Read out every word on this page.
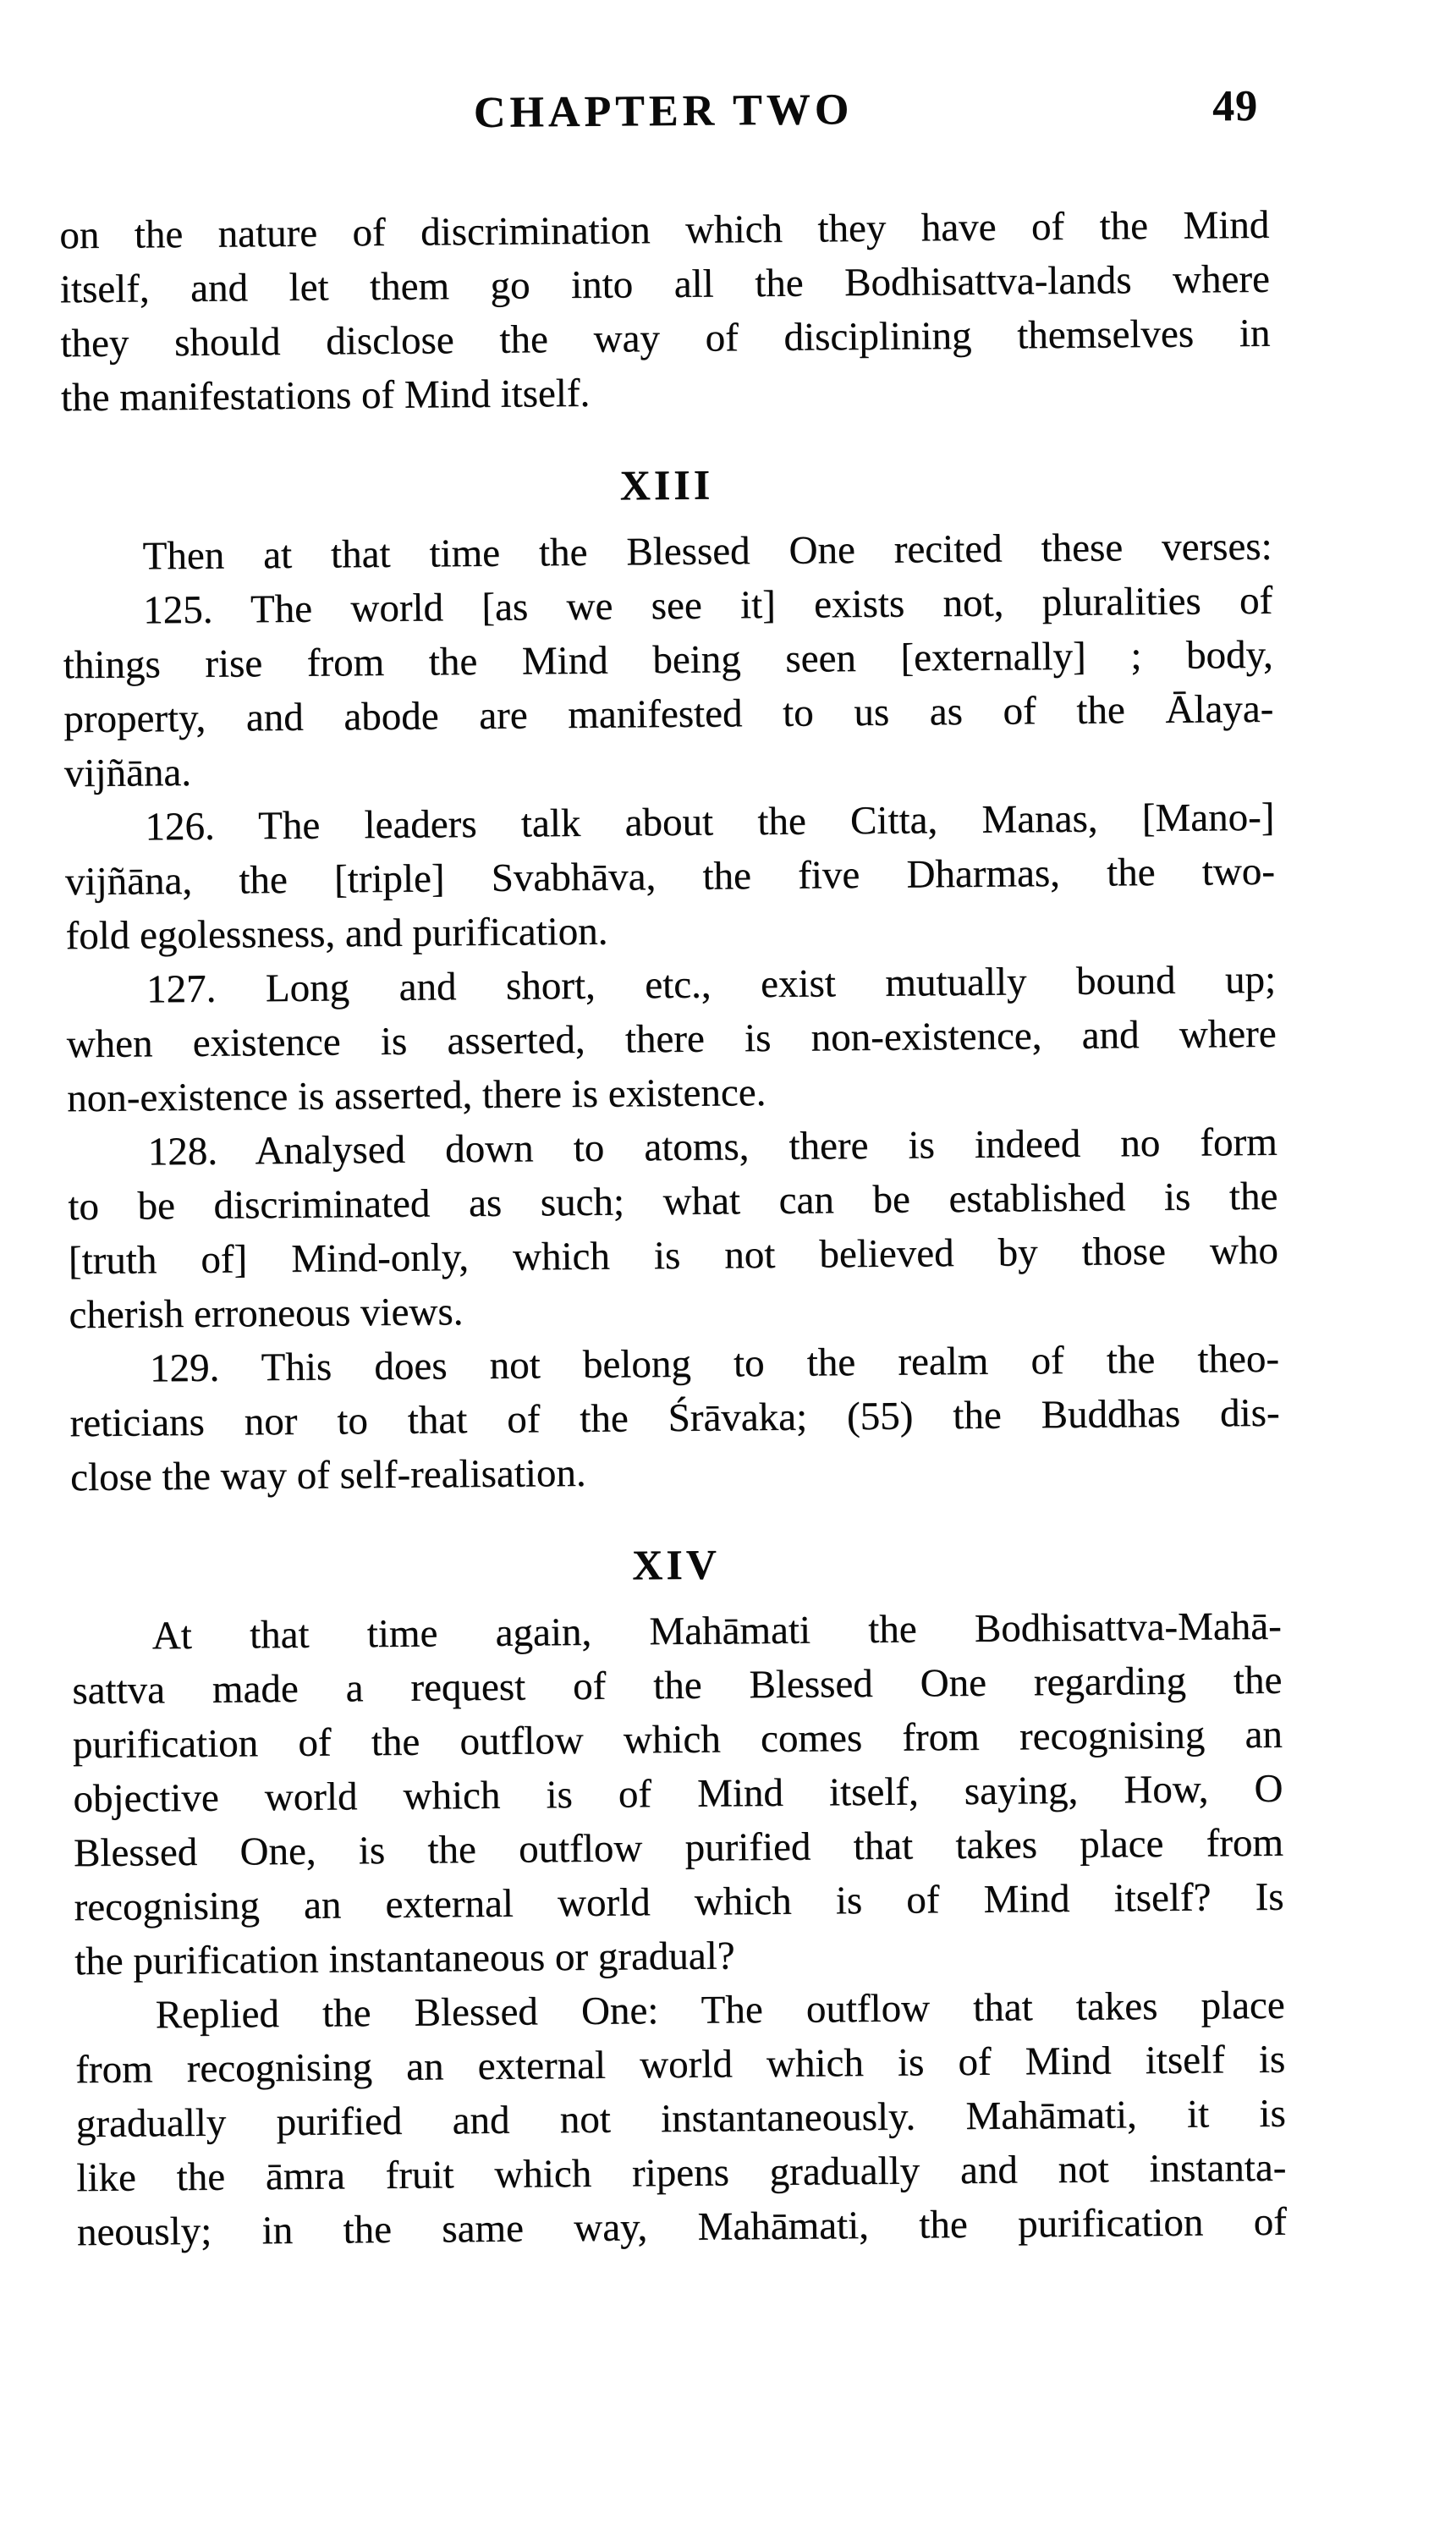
CHAPTER TWO	49
on the nature of discrimination which they have of the Mind
itself, and let them go into all the Bodhisattva-lands where
they should disclose the way of disciplining themselves in
the manifestations of Mind itself.
XIII
Then at that time the Blessed One recited these verses:
125. The world [as we see it] exists not, pluralities of
things rise from the Mind being seen [externally] ; body,
property, and abode are manifested to us as of the Ālaya-
vijñāna.
126. The leaders talk about the Citta, Manas, [Mano-]
vijñāna, the [triple] Svabhāva, the five Dharmas, the two-
fold egolessness, and purification.
127. Long and short, etc., exist mutually bound up;
when existence is asserted, there is non-existence, and where
non-existence is asserted, there is existence.
128. Analysed down to atoms, there is indeed no form
to be discriminated as such; what can be established is the
[truth of] Mind-only, which is not believed by those who
cherish erroneous views.
129. This does not belong to the realm of the theo-
reticians nor to that of the Śrāvaka; (55) the Buddhas dis-
close the way of self-realisation.
XIV
At that time again, Mahāmati the Bodhisattva-Mahā-
sattva made a request of the Blessed One regarding the
purification of the outflow which comes from recognising an
objective world which is of Mind itself, saying, How, O
Blessed One, is the outflow purified that takes place from
recognising an external world which is of Mind itself? Is
the purification instantaneous or gradual?
Replied the Blessed One: The outflow that takes place
from recognising an external world which is of Mind itself is
gradually purified and not instantaneously. Mahāmati, it is
like the āmra fruit which ripens gradually and not instanta-
neously; in the same way, Mahāmati, the purification of
